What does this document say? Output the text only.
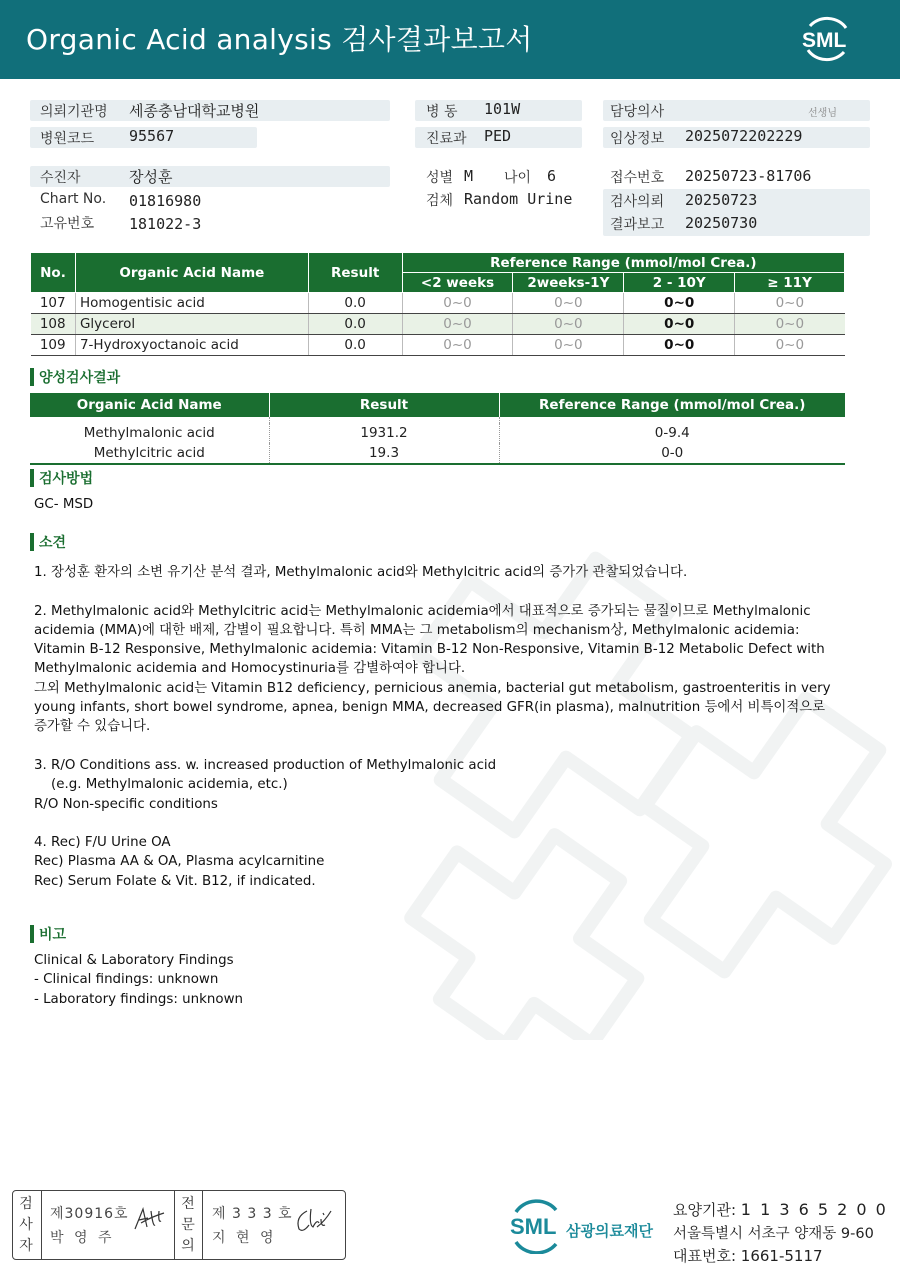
Organic Acid analysis 검사결과보고서	SML
의뢰기관명 세종충남대학교병원
병원코드 95567
수진자	장성훈
Chart No. 01816980
고유번호 181022-3
병 동 101W
진료과 PED
성별 M 나이 6
검체 Random Urine
담당의사	선생님
임상정보 2025072202229
접수번호 20250723-81706
검사의뢰 20250723
결과보고 20250730
No.	Organic Acid Name	Result	Reference Range (mmol/mol Crea.)			
			<2 weeks	2weeks-1Y	2 - 10Y	≥ 11Y
107	Homogentisic acid	0.0	0~0	0~0	0~0	0~0
108	Glycerol	0.0	0~0	0~0	0~0	0~0
109	7-Hydroxyoctanoic acid	0.0	0~0	0~0	0~0	0~0
양성검사결과
Organic Acid Name	Result	Reference Range (mmol/mol Crea.)

Methylmalonic acid	1931.2	0-9.4
Methylcitric acid	19.3	0-0
검사방법
GC- MSD
소견
1. 장성훈 환자의 소변 유기산 분석 결과, Methylmalonic acid와 Methylcitric acid의 증가가 관찰되었습니다.
2. Methylmalonic acid와 Methylcitric acid는 Methylmalonic acidemia에서 대표적으로 증가되는 물질이므로 Methylmalonic
acidemia (MMA)에 대한 배제, 감별이 필요합니다. 특히 MMA는 그 metabolism의 mechanism상, Methylmalonic acidemia:
Vitamin B-12 Responsive, Methylmalonic acidemia: Vitamin B-12 Non-Responsive, Vitamin B-12 Metabolic Defect with
Methylmalonic acidemia and Homocystinuria를 감별하여야 합니다.
그외 Methylmalonic acid는 Vitamin B12 deficiency, pernicious anemia, bacterial gut metabolism, gastroenteritis in very
young infants, short bowel syndrome, apnea, benign MMA, decreased GFR(in plasma), malnutrition 등에서 비특이적으로
증가할 수 있습니다.
3. R/O Conditions ass. w. increased production of Methylmalonic acid
(e.g. Methylmalonic acidemia, etc.)
R/O Non-specific conditions
4. Rec) F/U Urine OA
Rec) Plasma AA & OA, Plasma acylcarnitine
Rec) Serum Folate & Vit. B12, if indicated.
비고
Clinical & Laboratory Findings
- Clinical findings: unknown
- Laboratory findings: unknown
검
사
자
제30916호
박 영 주
전
문
의
제 3 3 3 호
지 현 영	SML 삼광의료재단
요양기관: 1 1 3 6 5 2 0 0
서울특별시 서초구 양재동 9-60
대표번호: 1661-5117
